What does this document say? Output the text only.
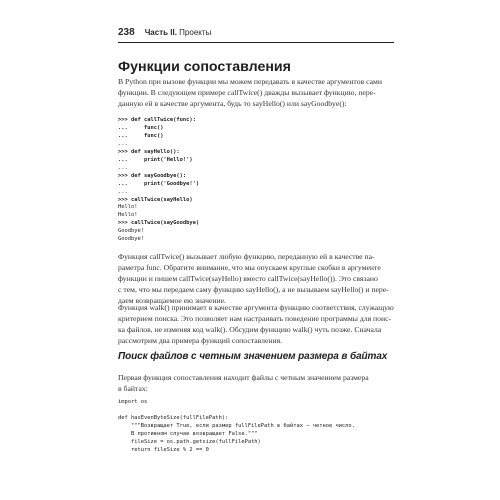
238 Часть II. Проекты
Функции сопоставления
В Python при вызове функции мы можем передавать в качестве аргументов сами
функции. В следующем примере callTwice() дважды вызывает функцию, пере-
данную ей в качестве аргумента, будь то sayHello() или sayGoodbye():
>>> def callTwice(func):
...     func()
...     func()
...
>>> def sayHello():
...     print('Hello!')
...
>>> def sayGoodbye():
...     print('Goodbye!')
...
>>> callTwice(sayHello)
Hello!
Hello!
>>> callTwice(sayGoodbye)
Goodbye!
Goodbye!
Функция callTwice() вызывает любую функцию, переданную ей в качестве па-
раметра func. Обратите внимание, что мы опускаем круглые скобки в аргументе
функции и пишем callTwice(sayHello) вместо callTwice(sayHello()). Это связано
с тем, что мы передаем саму функцию sayHello(), а не вызываем sayHello() и пере-
даем возвращаемое ею значение.
Функция walk() принимает в качестве аргумента функцию соответствия, служащую
критерием поиска. Это позволяет нам настраивать поведение программы для поис-
ка файлов, не изменяя код walk(). Обсудим функцию walk() чуть позже. Сначала
рассмотрим два примера функций сопоставления.
Поиск файлов с четным значением размера в байтах
Первая функция сопоставления находит файлы с четным значением размера
в байтах:
import os

def hasEvenByteSize(fullFilePath):
"""Возвращает True, если размер fullFilePath в байтах – четное число.
В противном случае возвращает False."""
fileSize = os.path.getsize(fullFilePath)
return fileSize % 2 == 0
